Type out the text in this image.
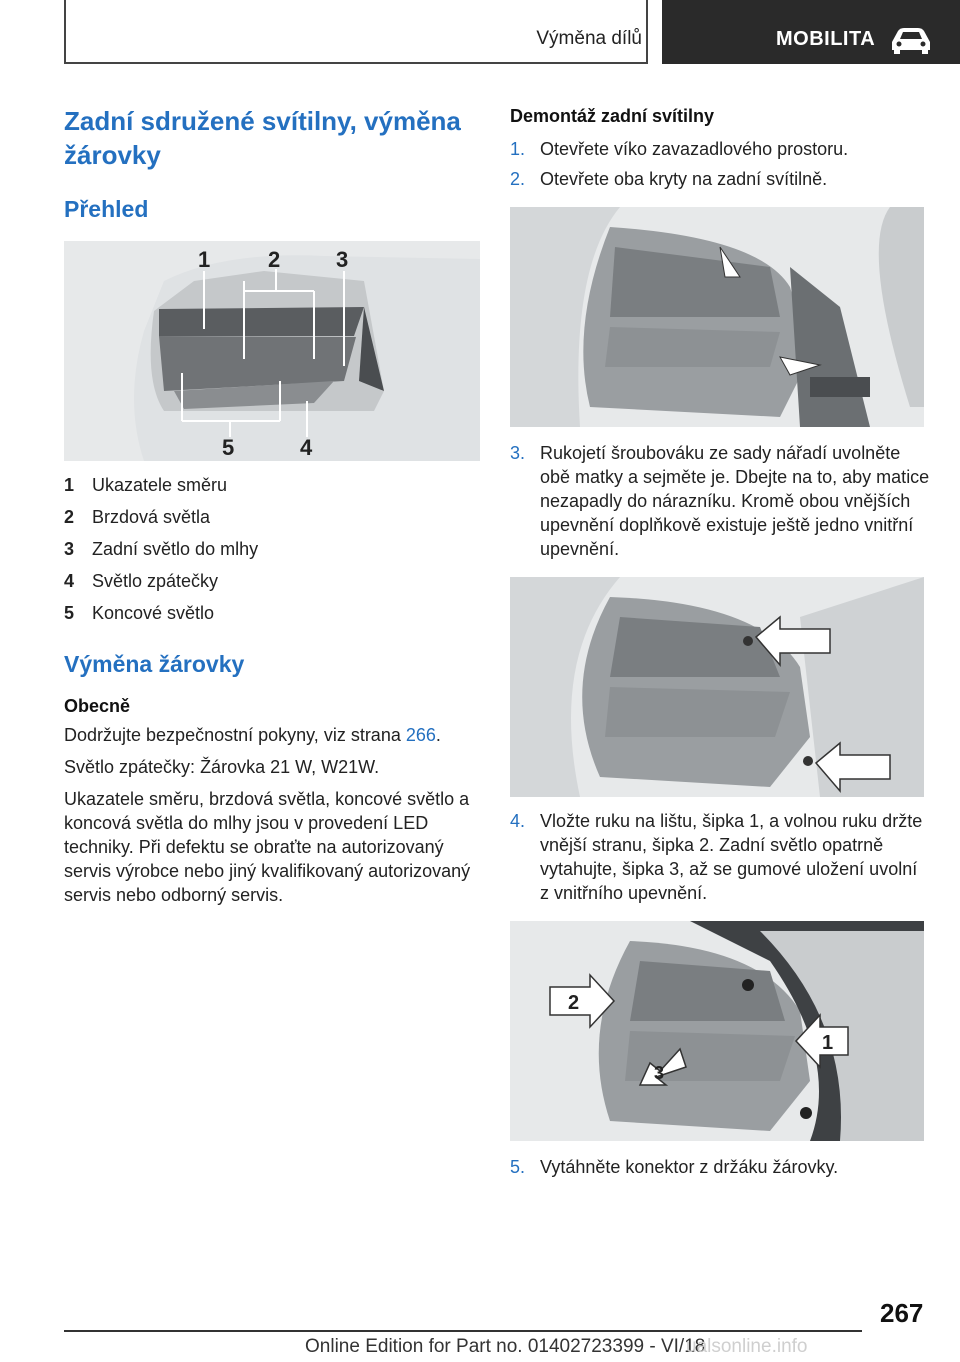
Výměna dílů	MOBILITA
Zadní sdružené svítilny, výměna žárovky
Přehled
1	2	3
4
5
1 Ukazatele směru
2 Brzdová světla
3 Zadní světlo do mlhy
4 Světlo zpátečky
5 Koncové světlo
Výměna žárovky

Obecně

Dodržujte bezpečnostní pokyny, viz strana 266.

Světlo zpátečky: Žárovka 21 W, W21W.

Ukazatele směru, brzdová světla, koncové světlo a koncová světla do mlhy jsou v provedení LED techniky. Při defektu se obraťte na autorizovaný servis výrobce nebo jiný kvalifikovaný autorizovaný servis nebo odborný servis.

Demontáž zadní svítilny

1. Otevřete víko zavazadlového prostoru.
2. Otevřete oba kryty na zadní svítilně.
3. Rukojetí šroubováku ze sady nářadí uvolněte obě matky a sejměte je. Dbejte na to, aby matice nezapadly do nárazníku. Kromě obou vnějších upevnění doplňkově existuje ještě jedno vnitřní upevnění.
4. Vložte ruku na lištu, šipka 1, a volnou ruku držte vnější stranu, šipka 2. Zadní světlo opatrně vytahujte, šipka 3, až se gumové uložení uvolní z vnitřního upevnění.
2
1
3
5. Vytáhněte konektor z držáku žárovky.
267
Online Edition for Part no. 01402723399 - VI/18
ualsonline.info
